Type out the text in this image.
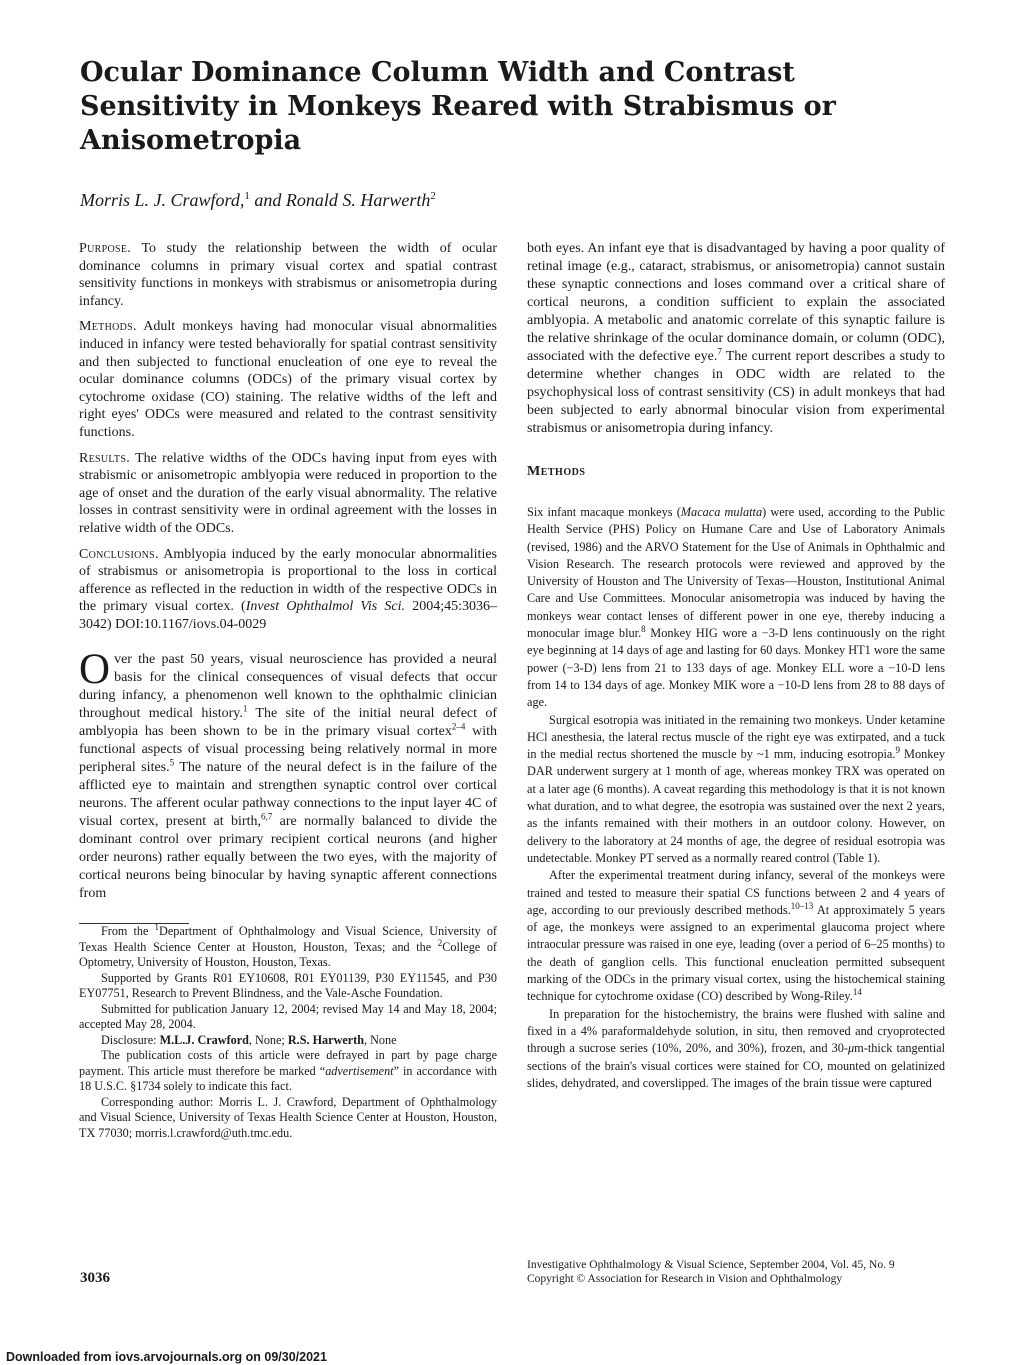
Ocular Dominance Column Width and Contrast Sensitivity in Monkeys Reared with Strabismus or Anisometropia
Morris L. J. Crawford,$^1$ and Ronald S. Harwerth$^2$

Purpose. To study the relationship between the width of ocular dominance columns in primary visual cortex and spatial contrast sensitivity functions in monkeys with strabismus or anisometropia during infancy.

Methods. Adult monkeys having had monocular visual abnormalities induced in infancy were tested behaviorally for spatial contrast sensitivity and then subjected to functional enucleation of one eye to reveal the ocular dominance columns (ODCs) of the primary visual cortex by cytochrome oxidase (CO) staining. The relative widths of the left and right eyes' ODCs were measured and related to the contrast sensitivity functions.

Results. The relative widths of the ODCs having input from eyes with strabismic or anisometropic amblyopia were reduced in proportion to the age of onset and the duration of the early visual abnormality. The relative losses in contrast sensitivity were in ordinal agreement with the losses in relative width of the ODCs.

Conclusions. Amblyopia induced by the early monocular abnormalities of strabismus or anisometropia is proportional to the loss in cortical afference as reflected in the reduction in width of the respective ODCs in the primary visual cortex. (Invest Ophthalmol Vis Sci. 2004;45:3036–3042) DOI:10.1167/iovs.04-0029

Over the past 50 years, visual neuroscience has provided a neural basis for the clinical consequences of visual defects that occur during infancy, a phenomenon well known to the ophthalmic clinician throughout medical history.$^1$ The site of the initial neural defect of amblyopia has been shown to be in the primary visual cortex$^{2-4}$ with functional aspects of visual processing being relatively normal in more peripheral sites.$^5$ The nature of the neural defect is in the failure of the afflicted eye to maintain and strengthen synaptic control over cortical neurons. The afferent ocular pathway connections to the input layer 4C of visual cortex, present at birth,$^{6,7}$ are normally balanced to divide the dominant control over primary recipient cortical neurons (and higher order neurons) rather equally between the two eyes, with the majority of cortical neurons being binocular by having synaptic afferent connections from

From the $^1$Department of Ophthalmology and Visual Science, University of Texas Health Science Center at Houston, Houston, Texas; and the $^2$College of Optometry, University of Houston, Houston, Texas.

Supported by Grants R01 EY10608, R01 EY01139, P30 EY11545, and P30 EY07751, Research to Prevent Blindness, and the Vale-Asche Foundation.

Submitted for publication January 12, 2004; revised May 14 and May 18, 2004; accepted May 28, 2004.

Disclosure: M.L.J. Crawford, None; R.S. Harwerth, None

The publication costs of this article were defrayed in part by page charge payment. This article must therefore be marked “advertisement” in accordance with 18 U.S.C. §1734 solely to indicate this fact.

Corresponding author: Morris L. J. Crawford, Department of Ophthalmology and Visual Science, University of Texas Health Science Center at Houston, Houston, TX 77030; morris.l.crawford@uth.tmc.edu.

both eyes. An infant eye that is disadvantaged by having a poor quality of retinal image (e.g., cataract, strabismus, or anisometropia) cannot sustain these synaptic connections and loses command over a critical share of cortical neurons, a condition sufficient to explain the associated amblyopia. A metabolic and anatomic correlate of this synaptic failure is the relative shrinkage of the ocular dominance domain, or column (ODC), associated with the defective eye.$^7$ The current report describes a study to determine whether changes in ODC width are related to the psychophysical loss of contrast sensitivity (CS) in adult monkeys that had been subjected to early abnormal binocular vision from experimental strabismus or anisometropia during infancy.

Methods

Six infant macaque monkeys (Macaca mulatta) were used, according to the Public Health Service (PHS) Policy on Humane Care and Use of Laboratory Animals (revised, 1986) and the ARVO Statement for the Use of Animals in Ophthalmic and Vision Research. The research protocols were reviewed and approved by the University of Houston and The University of Texas—Houston, Institutional Animal Care and Use Committees. Monocular anisometropia was induced by having the monkeys wear contact lenses of different power in one eye, thereby inducing a monocular image blur.$^8$ Monkey HIG wore a −3-D lens continuously on the right eye beginning at 14 days of age and lasting for 60 days. Monkey HT1 wore the same power (−3-D) lens from 21 to 133 days of age. Monkey ELL wore a −10-D lens from 14 to 134 days of age. Monkey MIK wore a −10-D lens from 28 to 88 days of age.

Surgical esotropia was initiated in the remaining two monkeys. Under ketamine HCl anesthesia, the lateral rectus muscle of the right eye was extirpated, and a tuck in the medial rectus shortened the muscle by ~1 mm, inducing esotropia.$^9$ Monkey DAR underwent surgery at 1 month of age, whereas monkey TRX was operated on at a later age (6 months). A caveat regarding this methodology is that it is not known what duration, and to what degree, the esotropia was sustained over the next 2 years, as the infants remained with their mothers in an outdoor colony. However, on delivery to the laboratory at 24 months of age, the degree of residual esotropia was undetectable. Monkey PT served as a normally reared control (Table 1).

After the experimental treatment during infancy, several of the monkeys were trained and tested to measure their spatial CS functions between 2 and 4 years of age, according to our previously described methods.$^{10-13}$ At approximately 5 years of age, the monkeys were assigned to an experimental glaucoma project where intraocular pressure was raised in one eye, leading (over a period of 6–25 months) to the death of ganglion cells. This functional enucleation permitted subsequent marking of the ODCs in the primary visual cortex, using the histochemical staining technique for cytochrome oxidase (CO) described by Wong-Riley.$^{14}$

In preparation for the histochemistry, the brains were flushed with saline and fixed in a 4% paraformaldehyde solution, in situ, then removed and cryoprotected through a sucrose series (10%, 20%, and 30%), frozen, and 30-μm-thick tangential sections of the brain's visual cortices were stained for CO, mounted on gelatinized slides, dehydrated, and coverslipped. The images of the brain tissue were captured

Investigative Ophthalmology & Visual Science, September 2004, Vol. 45, No. 9
Copyright © Association for Research in Vision and Ophthalmology
3036
Downloaded from iovs.arvojournals.org on 09/30/2021
